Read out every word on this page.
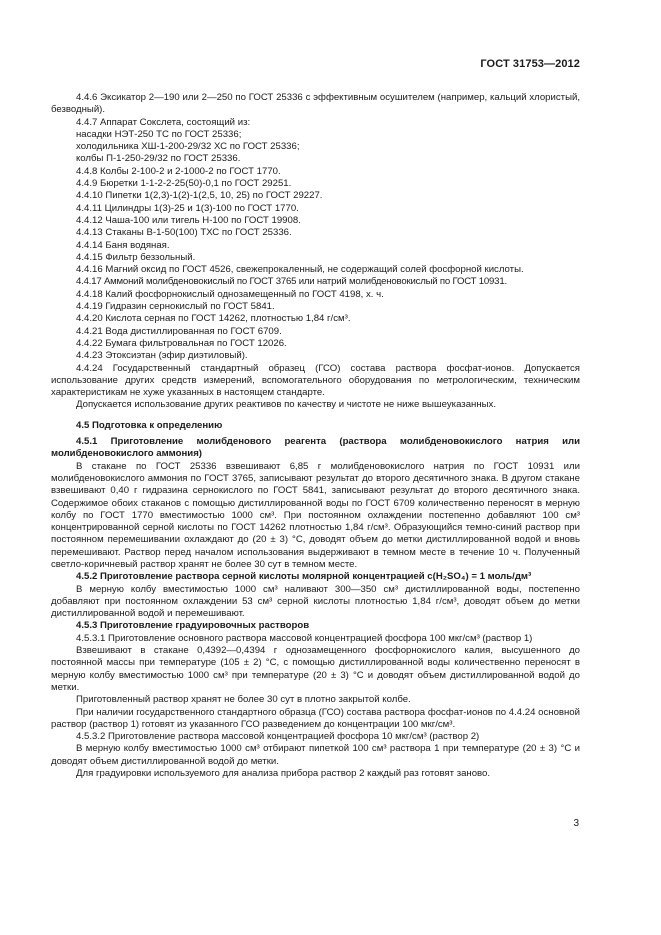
ГОСТ 31753—2012

4.4.6 Эксикатор 2—190 или 2—250 по ГОСТ 25336 с эффективным осушителем (например, кальций хлористый, безводный).

4.4.7 Аппарат Сокслета, состоящий из:

насадки НЭТ-250 ТС по ГОСТ 25336;

холодильника ХШ-1-200-29/32 ХС по ГОСТ 25336;

колбы П-1-250-29/32 по ГОСТ 25336.

4.4.8 Колбы 2-100-2 и 2-1000-2 по ГОСТ 1770.

4.4.9 Бюретки 1-1-2-2-25(50)-0,1 по ГОСТ 29251.

4.4.10 Пипетки 1(2,3)-1(2)-1(2,5, 10, 25) по ГОСТ 29227.

4.4.11 Цилиндры 1(3)-25 и 1(3)-100 по ГОСТ 1770.

4.4.12 Чаша-100 или тигель Н-100 по ГОСТ 19908.

4.4.13 Стаканы В-1-50(100) ТХС по ГОСТ 25336.

4.4.14 Баня водяная.

4.4.15 Фильтр беззольный.

4.4.16 Магний оксид по ГОСТ 4526, свежепрокаленный, не содержащий солей фосфорной кислоты.

4.4.17 Аммоний молибденовокислый по ГОСТ 3765 или натрий молибденовокислый по ГОСТ 10931.

4.4.18 Калий фосфорнокислый однозамещенный по ГОСТ 4198, х. ч.

4.4.19 Гидразин сернокислый по ГОСТ 5841.

4.4.20 Кислота серная по ГОСТ 14262, плотностью 1,84 г/см³.

4.4.21 Вода дистиллированная по ГОСТ 6709.

4.4.22 Бумага фильтровальная по ГОСТ 12026.

4.4.23 Этоксиэтан (эфир диэтиловый).

4.4.24 Государственный стандартный образец (ГСО) состава раствора фосфат-ионов. Допускается использование других средств измерений, вспомогательного оборудования по метрологическим, техническим характеристикам не хуже указанных в настоящем стандарте.

Допускается использование других реактивов по качеству и чистоте не ниже вышеуказанных.

4.5 Подготовка к определению

4.5.1 Приготовление молибденового реагента (раствора молибденовокислого натрия или молибденовокислого аммония)

В стакане по ГОСТ 25336 взвешивают 6,85 г молибденовокислого натрия по ГОСТ 10931 или молибденовокислого аммония по ГОСТ 3765, записывают результат до второго десятичного знака. В другом стакане взвешивают 0,40 г гидразина сернокислого по ГОСТ 5841, записывают результат до второго десятичного знака. Содержимое обоих стаканов с помощью дистиллированной воды по ГОСТ 6709 количественно переносят в мерную колбу по ГОСТ 1770 вместимостью 1000 см³. При постоянном охлаждении постепенно добавляют 100 см³ концентрированной серной кислоты по ГОСТ 14262 плотностью 1,84 г/см³. Образующийся темно-синий раствор при постоянном перемешивании охлаждают до (20 ± 3) °С, доводят объем до метки дистиллированной водой и вновь перемешивают. Раствор перед началом использования выдерживают в темном месте в течение 10 ч. Полученный светло-коричневый раствор хранят не более 30 сут в темном месте.

4.5.2 Приготовление раствора серной кислоты молярной концентрацией c(H₂SO₄) = 1 моль/дм³

В мерную колбу вместимостью 1000 см³ наливают 300—350 см³ дистиллированной воды, постепенно добавляют при постоянном охлаждении 53 см³ серной кислоты плотностью 1,84 г/см³, доводят объем до метки дистиллированной водой и перемешивают.

4.5.3 Приготовление градуировочных растворов

4.5.3.1 Приготовление основного раствора массовой концентрацией фосфора 100 мкг/см³ (раствор 1)

Взвешивают в стакане 0,4392—0,4394 г однозамещенного фосфорнокислого калия, высушенного до постоянной массы при температуре (105 ± 2) °С, с помощью дистиллированной воды количественно переносят в мерную колбу вместимостью 1000 см³ при температуре (20 ± 3) °С и доводят объем дистиллированной водой до метки.

Приготовленный раствор хранят не более 30 сут в плотно закрытой колбе.

При наличии государственного стандартного образца (ГСО) состава раствора фосфат-ионов по 4.4.24 основной раствор (раствор 1) готовят из указанного ГСО разведением до концентрации 100 мкг/см³.

4.5.3.2 Приготовление раствора массовой концентрацией фосфора 10 мкг/см³ (раствор 2)

В мерную колбу вместимостью 1000 см³ отбирают пипеткой 100 см³ раствора 1 при температуре (20 ± 3) °С и доводят объем дистиллированной водой до метки.

Для градуировки используемого для анализа прибора раствор 2 каждый раз готовят заново.

3
